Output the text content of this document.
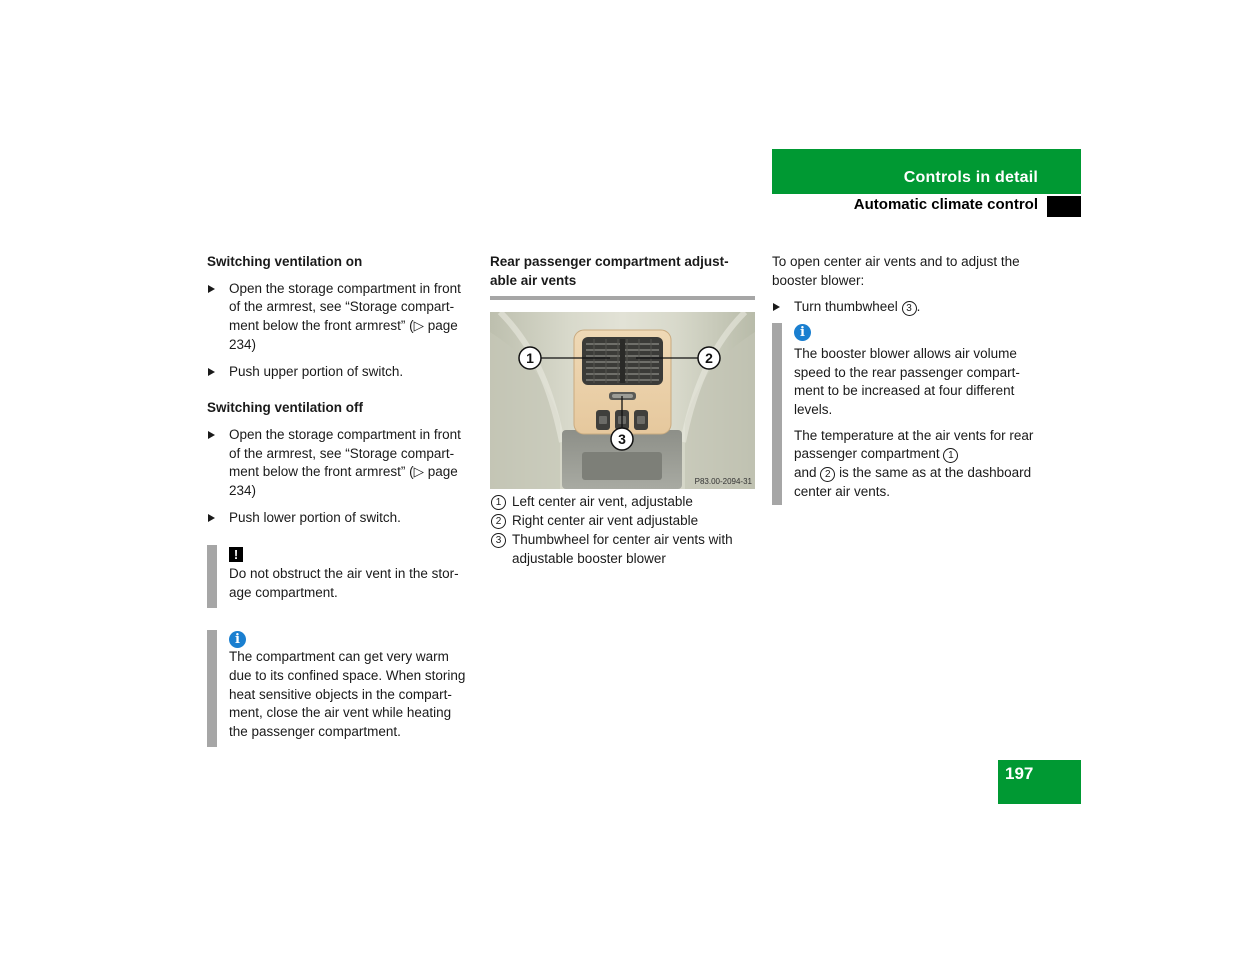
Controls in detail
Automatic climate control

Switching ventilation on

Open the storage compartment in front of the armrest, see “Storage compart-ment below the front armrest” (▷ page 234)
Push upper portion of switch.

Switching ventilation off

Open the storage compartment in front of the armrest, see “Storage compart-ment below the front armrest” (▷ page 234)
Push lower portion of switch.
!
Do not obstruct the air vent in the stor-age compartment.
i
The compartment can get very warm due to its confined space. When storing heat sensitive objects in the compart-ment, close the air vent while heating the passenger compartment.

Rear passenger compartment adjust-able air vents

1	2
3
P83.00-2094-31
1 Left center air vent, adjustable
2 Right center air vent adjustable
3 Thumbwheel for center air vents with adjustable booster blower
To open center air vents and to adjust the booster blower:
Turn thumbwheel 3 .
i
The booster blower allows air volume speed to the rear passenger compart-ment to be increased at four different levels.
The temperature at the air vents for rear passenger compartment 1
and 2 is the same as at the dashboard center air vents.
197
